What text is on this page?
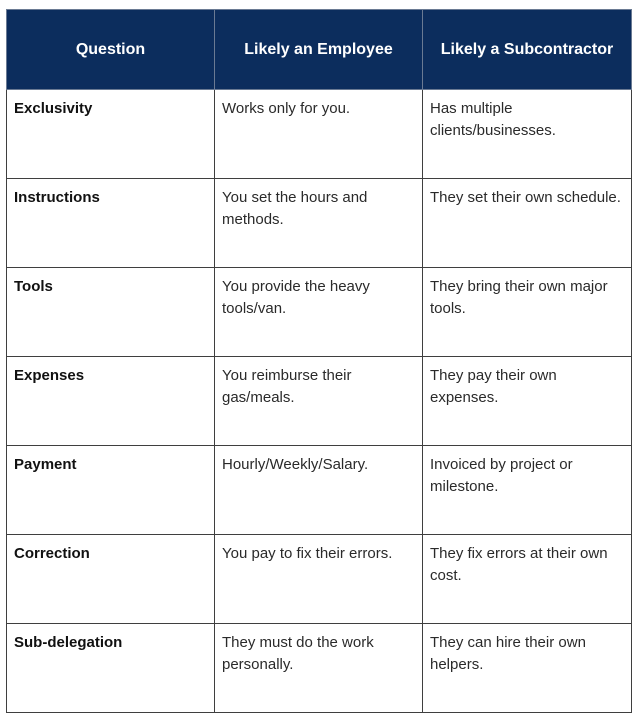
Question	Likely an Employee	Likely a Subcontractor
Exclusivity	Works only for you.	Has multiple clients/businesses.
Instructions	You set the hours and methods.	They set their own schedule.
Tools	You provide the heavy tools/van.	They bring their own major tools.
Expenses	You reimburse their gas/meals.	They pay their own expenses.
Payment	Hourly/Weekly/Salary.	Invoiced by project or milestone.
Correction	You pay to fix their errors.	They fix errors at their own cost.
Sub-delegation	They must do the work personally.	They can hire their own helpers.
